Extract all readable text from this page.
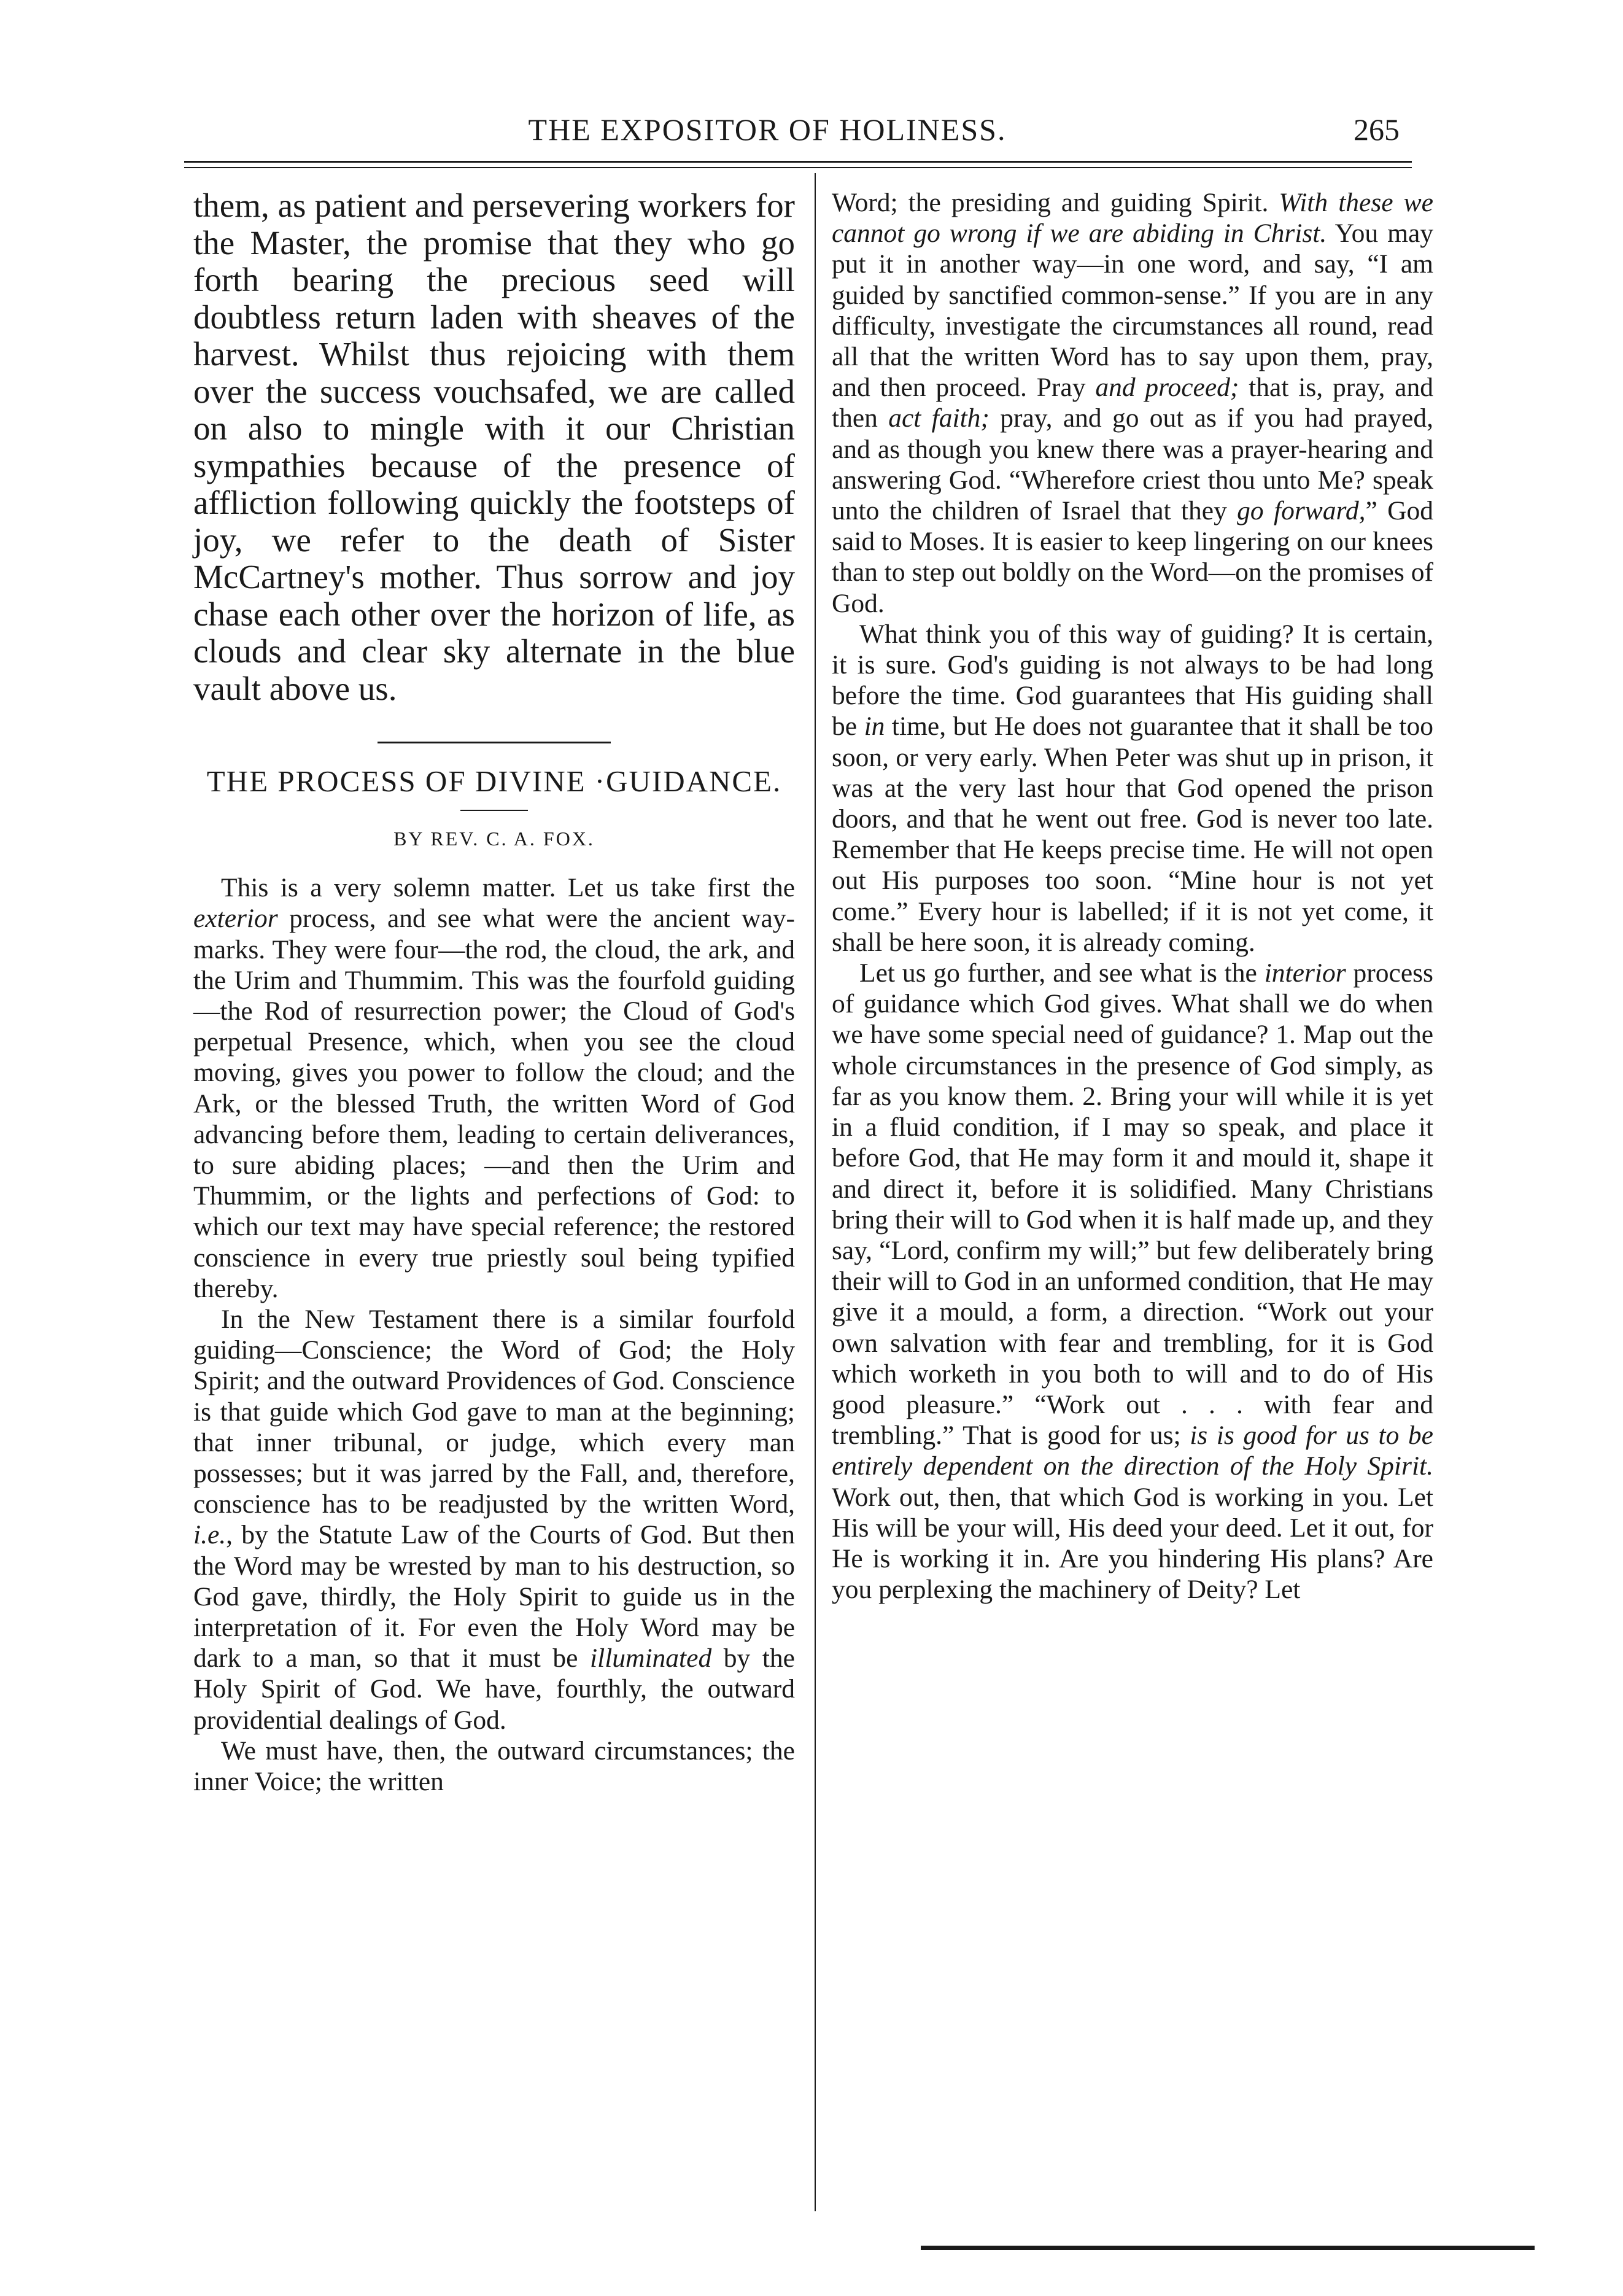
THE EXPOSITOR OF HOLINESS.	265

them, as patient and persevering workers for the Master, the promise that they who go forth bearing the precious seed will doubtless return laden with sheaves of the harvest. Whilst thus rejoicing with them over the success vouchsafed, we are called on also to mingle with it our Christian sympathies because of the presence of affliction following quickly the footsteps of joy, we refer to the death of Sister McCartney's mother. Thus sorrow and joy chase each other over the horizon of life, as clouds and clear sky alternate in the blue vault above us.

THE PROCESS OF DIVINE ·GUIDANCE.

BY REV. C. A. FOX.

This is a very solemn matter. Let us take first the exterior process, and see what were the ancient way-marks. They were four—the rod, the cloud, the ark, and the Urim and Thummim. This was the fourfold guiding—the Rod of resurrection power; the Cloud of God's perpetual Presence, which, when you see the cloud moving, gives you power to follow the cloud; and the Ark, or the blessed Truth, the written Word of God advancing before them, leading to certain deliverances, to sure abiding places; —and then the Urim and Thummim, or the lights and perfections of God: to which our text may have special reference; the restored conscience in every true priestly soul being typified thereby.

In the New Testament there is a similar fourfold guiding—Conscience; the Word of God; the Holy Spirit; and the outward Providences of God. Conscience is that guide which God gave to man at the beginning; that inner tribunal, or judge, which every man possesses; but it was jarred by the Fall, and, therefore, conscience has to be readjusted by the written Word, i.e., by the Statute Law of the Courts of God. But then the Word may be wrested by man to his destruction, so God gave, thirdly, the Holy Spirit to guide us in the interpretation of it. For even the Holy Word may be dark to a man, so that it must be illuminated by the Holy Spirit of God. We have, fourthly, the outward providential dealings of God.

We must have, then, the outward circumstances; the inner Voice; the written

Word; the presiding and guiding Spirit. With these we cannot go wrong if we are abiding in Christ. You may put it in another way—in one word, and say, “I am guided by sanctified common-sense.” If you are in any difficulty, investigate the circumstances all round, read all that the written Word has to say upon them, pray, and then proceed. Pray and proceed; that is, pray, and then act faith; pray, and go out as if you had prayed, and as though you knew there was a prayer-hearing and answering God. “Wherefore criest thou unto Me? speak unto the children of Israel that they go forward,” God said to Moses. It is easier to keep lingering on our knees than to step out boldly on the Word—on the promises of God.

What think you of this way of guiding? It is certain, it is sure. God's guiding is not always to be had long before the time. God guarantees that His guiding shall be in time, but He does not guarantee that it shall be too soon, or very early. When Peter was shut up in prison, it was at the very last hour that God opened the prison doors, and that he went out free. God is never too late. Remember that He keeps precise time. He will not open out His purposes too soon. “Mine hour is not yet come.” Every hour is labelled; if it is not yet come, it shall be here soon, it is already coming.

Let us go further, and see what is the interior process of guidance which God gives. What shall we do when we have some special need of guidance? 1. Map out the whole circumstances in the presence of God simply, as far as you know them. 2. Bring your will while it is yet in a fluid condition, if I may so speak, and place it before God, that He may form it and mould it, shape it and direct it, before it is solidified. Many Christians bring their will to God when it is half made up, and they say, “Lord, confirm my will;” but few deliberately bring their will to God in an unformed condition, that He may give it a mould, a form, a direction. “Work out your own salvation with fear and trembling, for it is God which worketh in you both to will and to do of His good pleasure.” “Work out . . . with fear and trembling.” That is good for us; is is good for us to be entirely dependent on the direction of the Holy Spirit. Work out, then, that which God is working in you. Let His will be your will, His deed your deed. Let it out, for He is working it in. Are you hindering His plans? Are you perplexing the machinery of Deity? Let
